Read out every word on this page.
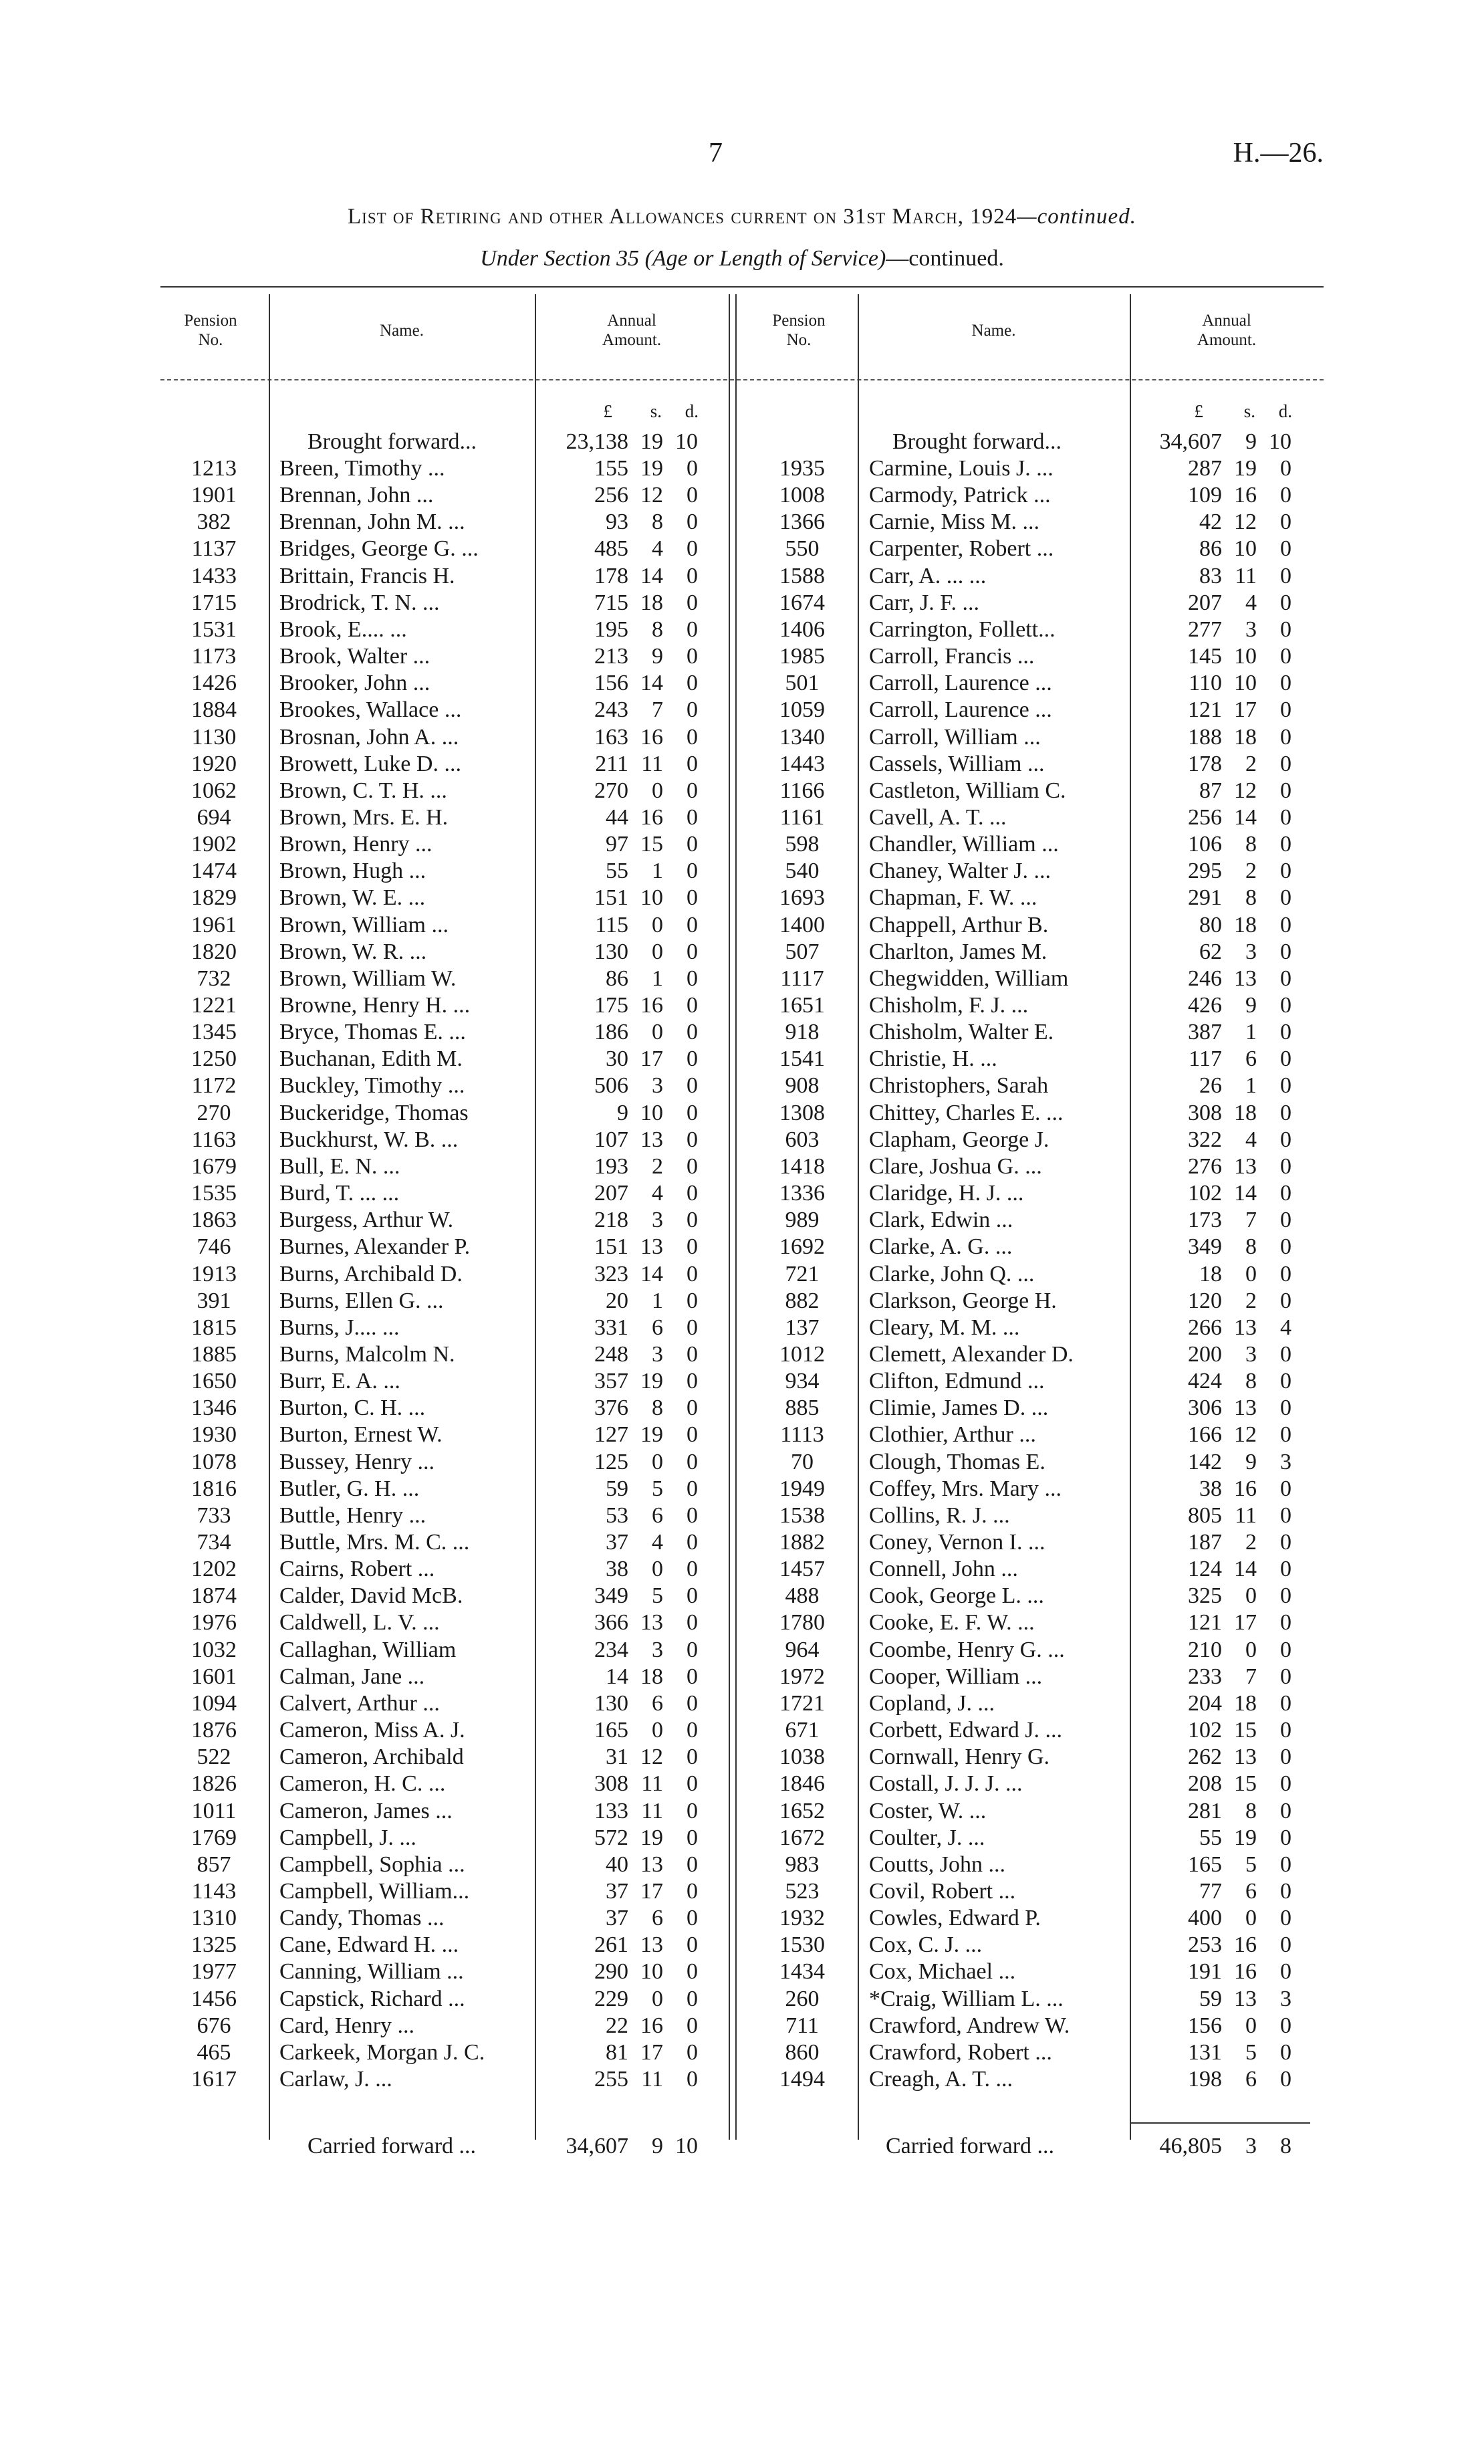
7	H.—26.
List of Retiring and other Allowances current on 31st March, 1924—continued.
Under Section 35 (Age or Length of Service)—continued.
Pension
No.
Name.
Annual
Amount.
Pension
No.
Name.
Annual
Amount.
£	s.	d.	£	s.	d.
Brought forward...	23,138 19 10	Brought forward...	34,607	9 10
1213	Breen, Timothy ...	155 19	0
1901	Brennan, John ...	256 12	0
382	Brennan, John M. ...	93	8	0
1137	Bridges, George G. ...	485	4	0
1433	Brittain, Francis H.	178 14	0
1715	Brodrick, T. N. ...	715 18	0
1531	Brook, E.... ...	195	8	0
1173	Brook, Walter ...	213	9	0
1426	Brooker, John ...	156 14	0
1884	Brookes, Wallace ...	243	7	0
1130	Brosnan, John A. ...	163 16	0
1920	Browett, Luke D. ...	211 11	0
1062	Brown, C. T. H. ...	270	0	0
694	Brown, Mrs. E. H.	44 16	0
1902	Brown, Henry ...	97 15	0
1474	Brown, Hugh ...	55	1	0
1829	Brown, W. E. ...	151 10	0
1961	Brown, William ...	115	0	0
1820	Brown, W. R. ...	130	0	0
732	Brown, William W.	86	1	0
1221	Browne, Henry H. ...	175 16	0
1345	Bryce, Thomas E. ...	186	0	0
1250	Buchanan, Edith M.	30 17	0
1172	Buckley, Timothy ...	506	3	0
270	Buckeridge, Thomas	9 10	0
1163	Buckhurst, W. B. ...	107 13	0
1679	Bull, E. N. ...	193	2	0
1535	Burd, T. ... ...	207	4	0
1863	Burgess, Arthur W.	218	3	0
746	Burnes, Alexander P.	151 13	0
1913	Burns, Archibald D.	323 14	0
391	Burns, Ellen G. ...	20	1	0
1815	Burns, J.... ...	331	6	0
1885	Burns, Malcolm N.	248	3	0
1650	Burr, E. A. ...	357 19	0
1346	Burton, C. H. ...	376	8	0
1930	Burton, Ernest W.	127 19	0
1078	Bussey, Henry ...	125	0	0
1816	Butler, G. H. ...	59	5	0
733	Buttle, Henry ...	53	6	0
734	Buttle, Mrs. M. C. ...	37	4	0
1202	Cairns, Robert ...	38	0	0
1874	Calder, David McB.	349	5	0
1976	Caldwell, L. V. ...	366 13	0
1032	Callaghan, William	234	3	0
1601	Calman, Jane ...	14 18	0
1094	Calvert, Arthur ...	130	6	0
1876	Cameron, Miss A. J.	165	0	0
522	Cameron, Archibald	31 12	0
1826	Cameron, H. C. ...	308 11	0
1011	Cameron, James ...	133 11	0
1769	Campbell, J. ...	572 19	0
857	Campbell, Sophia ...	40 13	0
1143	Campbell, William...	37 17	0
1310	Candy, Thomas ...	37	6	0
1325	Cane, Edward H. ...	261 13	0
1977	Canning, William ...	290 10	0
1456	Capstick, Richard ...	229	0	0
676	Card, Henry ...	22 16	0
465	Carkeek, Morgan J. C.	81 17	0
1617	Carlaw, J. ...	255 11	0
1935	Carmine, Louis J. ...	287 19	0
1008	Carmody, Patrick ...	109 16	0
1366	Carnie, Miss M. ...	42 12	0
550	Carpenter, Robert ...	86 10	0
1588	Carr, A. ... ...	83 11	0
1674	Carr, J. F. ...	207	4	0
1406	Carrington, Follett...	277	3	0
1985	Carroll, Francis ...	145 10	0
501	Carroll, Laurence ...	110 10	0
1059	Carroll, Laurence ...	121 17	0
1340	Carroll, William ...	188 18	0
1443	Cassels, William ...	178	2	0
1166	Castleton, William C.	87 12	0
1161	Cavell, A. T. ...	256 14	0
598	Chandler, William ...	106	8	0
540	Chaney, Walter J. ...	295	2	0
1693	Chapman, F. W. ...	291	8	0
1400	Chappell, Arthur B.	80 18	0
507	Charlton, James M.	62	3	0
1117	Chegwidden, William	246 13	0
1651	Chisholm, F. J. ...	426	9	0
918	Chisholm, Walter E.	387	1	0
1541	Christie, H. ...	117	6	0
908	Christophers, Sarah	26	1	0
1308	Chittey, Charles E. ...	308 18	0
603	Clapham, George J.	322	4	0
1418	Clare, Joshua G. ...	276 13	0
1336	Claridge, H. J. ...	102 14	0
989	Clark, Edwin ...	173	7	0
1692	Clarke, A. G. ...	349	8	0
721	Clarke, John Q. ...	18	0	0
882	Clarkson, George H.	120	2	0
137	Cleary, M. M. ...	266 13	4
1012	Clemett, Alexander D.	200	3	0
934	Clifton, Edmund ...	424	8	0
885	Climie, James D. ...	306 13	0
1113	Clothier, Arthur ...	166 12	0
70	Clough, Thomas E.	142	9	3
1949	Coffey, Mrs. Mary ...	38 16	0
1538	Collins, R. J. ...	805 11	0
1882	Coney, Vernon I. ...	187	2	0
1457	Connell, John ...	124 14	0
488	Cook, George L. ...	325	0	0
1780	Cooke, E. F. W. ...	121 17	0
964	Coombe, Henry G. ...	210	0	0
1972	Cooper, William ...	233	7	0
1721	Copland, J. ...	204 18	0
671	Corbett, Edward J. ...	102 15	0
1038	Cornwall, Henry G.	262 13	0
1846	Costall, J. J. J. ...	208 15	0
1652	Coster, W. ...	281	8	0
1672	Coulter, J. ...	55 19	0
983	Coutts, John ...	165	5	0
523	Covil, Robert ...	77	6	0
1932	Cowles, Edward P.	400	0	0
1530	Cox, C. J. ...	253 16	0
1434	Cox, Michael ...	191 16	0
260	*Craig, William L. ...	59 13	3
711	Crawford, Andrew W.	156	0	0
860	Crawford, Robert ...	131	5	0
1494	Creagh, A. T. ...	198	6	0
Carried forward ...	34,607	9 10	Carried forward ...	46,805	3	8
